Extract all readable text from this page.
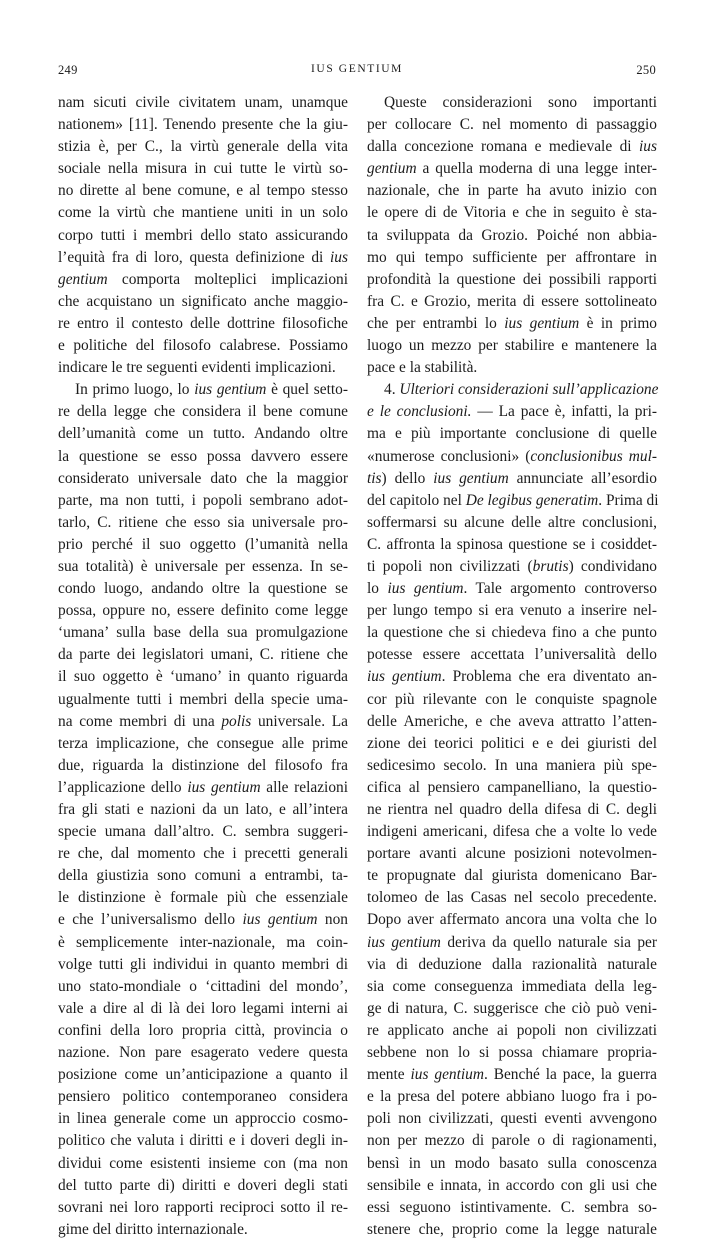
249	IUS GENTIUM	250
nam sicuti civile civitatem unam, unamque
nationem» [11]. Tenendo presente che la giu-
stizia è, per C., la virtù generale della vita
sociale nella misura in cui tutte le virtù so-
no dirette al bene comune, e al tempo stesso
come la virtù che mantiene uniti in un solo
corpo tutti i membri dello stato assicurando
l’equità fra di loro, questa definizione di ius
gentium comporta molteplici implicazioni
che acquistano un significato anche maggio-
re entro il contesto delle dottrine filosofiche
e politiche del filosofo calabrese. Possiamo
indicare le tre seguenti evidenti implicazioni.
In primo luogo, lo ius gentium è quel setto-
re della legge che considera il bene comune
dell’umanità come un tutto. Andando oltre
la questione se esso possa davvero essere
considerato universale dato che la maggior
parte, ma non tutti, i popoli sembrano adot-
tarlo, C. ritiene che esso sia universale pro-
prio perché il suo oggetto (l’umanità nella
sua totalità) è universale per essenza. In se-
condo luogo, andando oltre la questione se
possa, oppure no, essere definito come legge
‘umana’ sulla base della sua promulgazione
da parte dei legislatori umani, C. ritiene che
il suo oggetto è ‘umano’ in quanto riguarda
ugualmente tutti i membri della specie uma-
na come membri di una polis universale. La
terza implicazione, che consegue alle prime
due, riguarda la distinzione del filosofo fra
l’applicazione dello ius gentium alle relazioni
fra gli stati e nazioni da un lato, e all’intera
specie umana dall’altro. C. sembra suggeri-
re che, dal momento che i precetti generali
della giustizia sono comuni a entrambi, ta-
le distinzione è formale più che essenziale
e che l’universalismo dello ius gentium non
è semplicemente inter-nazionale, ma coin-
volge tutti gli individui in quanto membri di
uno stato-mondiale o ‘cittadini del mondo’,
vale a dire al di là dei loro legami interni ai
confini della loro propria città, provincia o
nazione. Non pare esagerato vedere questa
posizione come un’anticipazione a quanto il
pensiero politico contemporaneo considera
in linea generale come un approccio cosmo-
politico che valuta i diritti e i doveri degli in-
dividui come esistenti insieme con (ma non
del tutto parte di) diritti e doveri degli stati
sovrani nei loro rapporti reciproci sotto il re-
gime del diritto internazionale.
Queste considerazioni sono importanti
per collocare C. nel momento di passaggio
dalla concezione romana e medievale di ius
gentium a quella moderna di una legge inter-
nazionale, che in parte ha avuto inizio con
le opere di de Vitoria e che in seguito è sta-
ta sviluppata da Grozio. Poiché non abbia-
mo qui tempo sufficiente per affrontare in
profondità la questione dei possibili rapporti
fra C. e Grozio, merita di essere sottolineato
che per entrambi lo ius gentium è in primo
luogo un mezzo per stabilire e mantenere la
pace e la stabilità.
4. Ulteriori considerazioni sull’applicazione
e le conclusioni. — La pace è, infatti, la pri-
ma e più importante conclusione di quelle
«numerose conclusioni» (conclusionibus mul-
tis) dello ius gentium annunciate all’esordio
del capitolo nel De legibus generatim. Prima di
soffermarsi su alcune delle altre conclusioni,
C. affronta la spinosa questione se i cosiddet-
ti popoli non civilizzati (brutis) condividano
lo ius gentium. Tale argomento controverso
per lungo tempo si era venuto a inserire nel-
la questione che si chiedeva fino a che punto
potesse essere accettata l’universalità dello
ius gentium. Problema che era diventato an-
cor più rilevante con le conquiste spagnole
delle Americhe, e che aveva attratto l’atten-
zione dei teorici politici e e dei giuristi del
sedicesimo secolo. In una maniera più spe-
cifica al pensiero campanelliano, la questio-
ne rientra nel quadro della difesa di C. degli
indigeni americani, difesa che a volte lo vede
portare avanti alcune posizioni notevolmen-
te propugnate dal giurista domenicano Bar-
tolomeo de las Casas nel secolo precedente.
Dopo aver affermato ancora una volta che lo
ius gentium deriva da quello naturale sia per
via di deduzione dalla razionalità naturale
sia come conseguenza immediata della leg-
ge di natura, C. suggerisce che ciò può veni-
re applicato anche ai popoli non civilizzati
sebbene non lo si possa chiamare propria-
mente ius gentium. Benché la pace, la guerra
e la presa del potere abbiano luogo fra i po-
poli non civilizzati, questi eventi avvengono
non per mezzo di parole o di ragionamenti,
bensì in un modo basato sulla conoscenza
sensibile e innata, in accordo con gli usi che
essi seguono istintivamente. C. sembra so-
stenere che, proprio come la legge naturale
